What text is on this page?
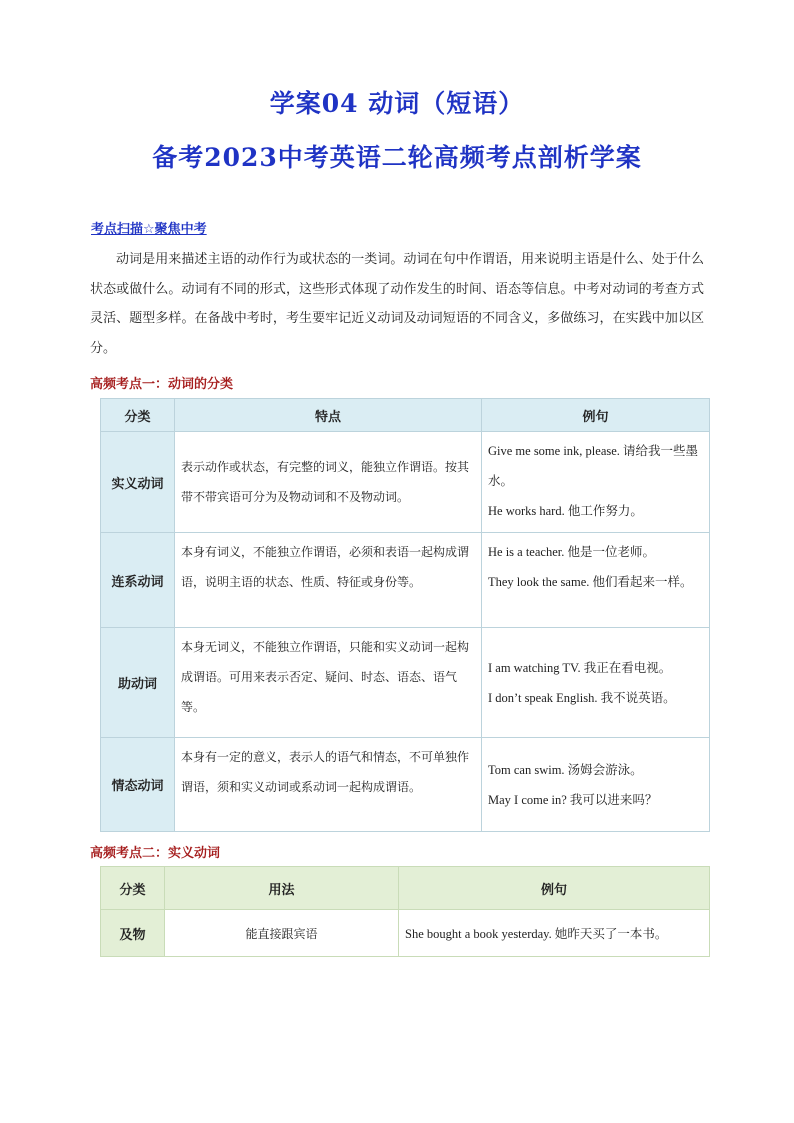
学案04 动词（短语）
备考2023中考英语二轮高频考点剖析学案
考点扫描☆聚焦中考
动词是用来描述主语的动作行为或状态的一类词。动词在句中作谓语，用来说明主语是什么、处于什么状态或做什么。动词有不同的形式，这些形式体现了动作发生的时间、语态等信息。中考对动词的考查方式灵活、题型多样。在备战中考时，考生要牢记近义动词及动词短语的不同含义，多做练习，在实践中加以区分。
高频考点一：动词的分类
分类	特点	例句
实义动词	表示动作或状态，有完整的词义，能独立作谓语。按其带不带宾语可分为及物动词和不及物动词。	Give me some ink, please. 请给我一些墨水。
He works hard. 他工作努力。

连系动词	本身有词义，不能独立作谓语，必须和表语一起构成谓语，说明主语的状态、性质、特征或身份等。	He is a teacher. 他是一位老师。
They look the same. 他们看起来一样。

助动词	本身无词义，不能独立作谓语，只能和实义动词一起构成谓语。可用来表示否定、疑问、时态、语态、语气等。	I am watching TV. 我正在看电视。
I don’t speak English. 我不说英语。

情态动词	本身有一定的意义，表示人的语气和情态，不可单独作谓语，须和实义动词或系动词一起构成谓语。	Tom can swim. 汤姆会游泳。
May I come in? 我可以进来吗？
高频考点二：实义动词
分类	用法	例句
及物	能直接跟宾语	She bought a book yesterday. 她昨天买了一本书。
